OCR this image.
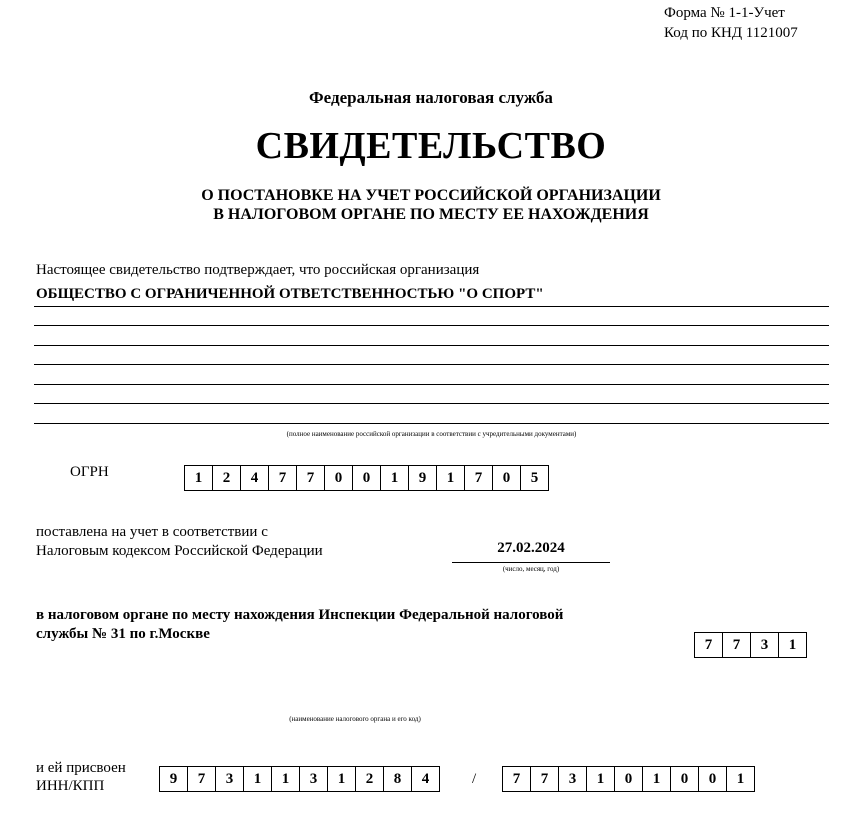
Форма № 1-1-Учет
Код по КНД 1121007
Федеральная налоговая служба
СВИДЕТЕЛЬСТВО
О ПОСТАНОВКЕ НА УЧЕТ РОССИЙСКОЙ ОРГАНИЗАЦИИ
В НАЛОГОВОМ ОРГАНЕ ПО МЕСТУ ЕЕ НАХОЖДЕНИЯ
Настоящее свидетельство подтверждает, что российская организация
ОБЩЕСТВО С ОГРАНИЧЕННОЙ ОТВЕТСТВЕННОСТЬЮ "О СПОРТ"
(полное наименование российской организации в соответствии с учредительными документами)
ОГРН	1	2	4	7	7	0	0	1	9	1	7	0	5
поставлена на учет в соответствии с
Налоговым кодексом Российской Федерации	27.02.2024
(число, месяц, год)
в налоговом органе по месту нахождения Инспекции Федеральной налоговой
службы № 31 по г.Москве
7	7	3	1
(наименование налогового органа и его код)
и ей присвоен
ИНН/КПП	9	7	3	1	1	3	1	2	8	4	/	7	7	3	1	0	1	0	0	1
